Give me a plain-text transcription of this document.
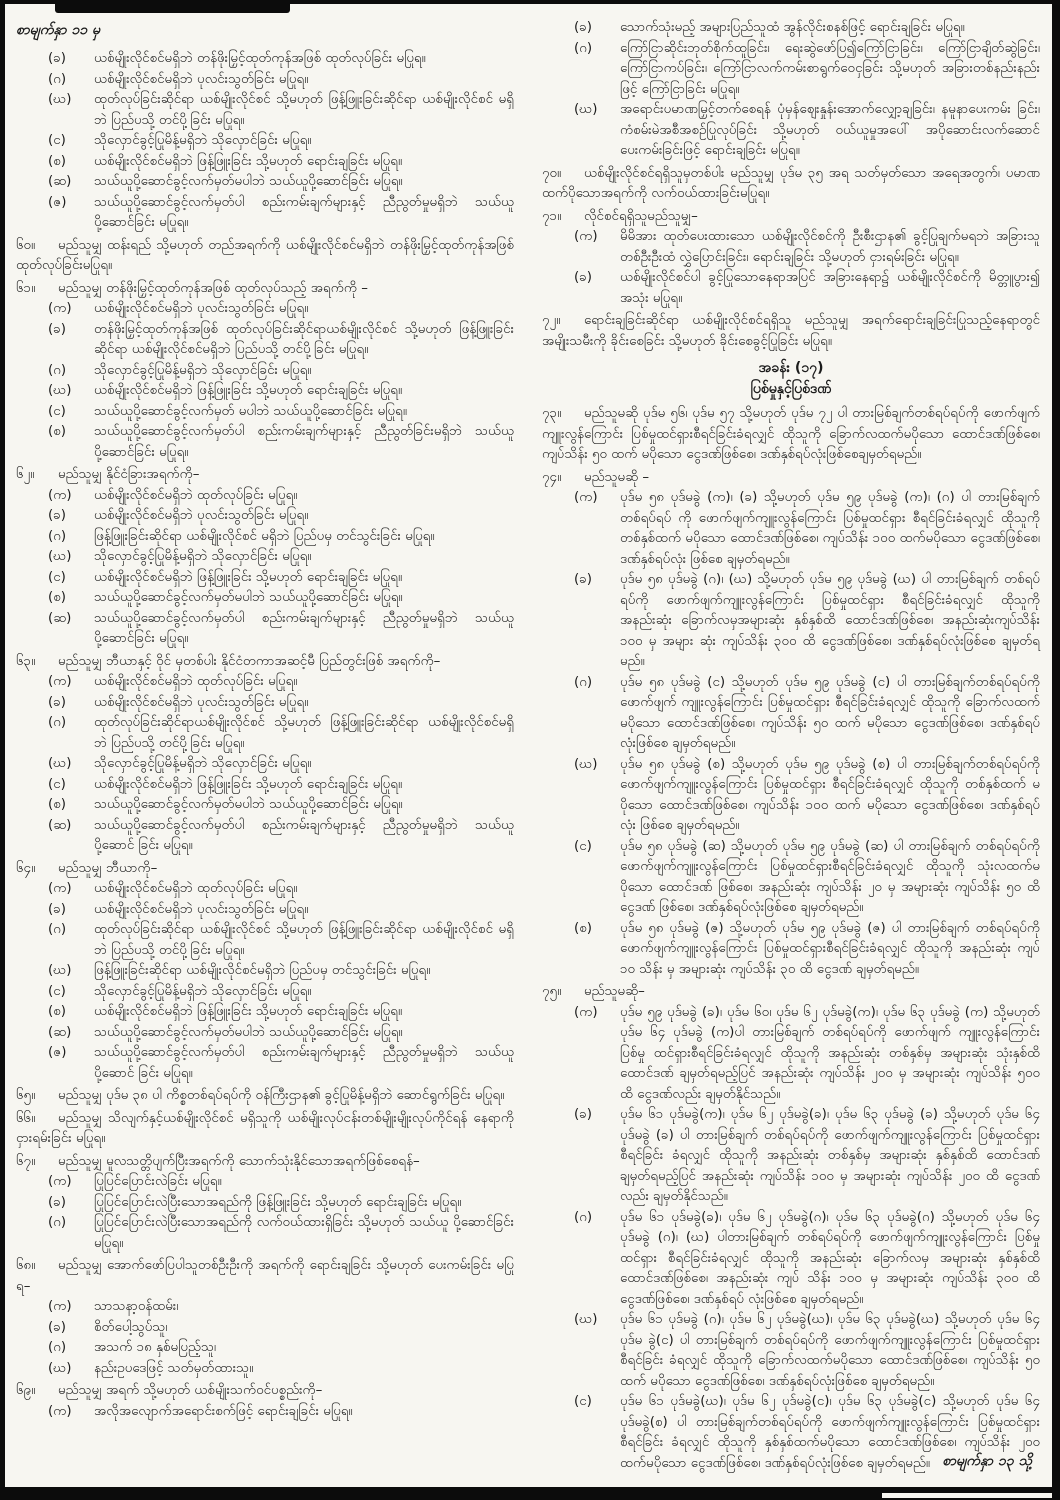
စာမျက်နှာ ၁၁ မှ
(ခ)	ယစ်မျိုးလိုင်စင်မရှိဘဲ တန်ဖိုးမြှင့်ထုတ်ကုန်အဖြစ် ထုတ်လုပ်ခြင်း မပြုရ။
(ဂ)	ယစ်မျိုးလိုင်စင်မရှိဘဲ ပုလင်းသွတ်ခြင်း မပြုရ။
(ဃ)	ထုတ်လုပ်ခြင်းဆိုင်ရာ ယစ်မျိုးလိုင်စင် သို့မဟုတ် ဖြန့်ဖြူးခြင်းဆိုင်ရာ ယစ်မျိုးလိုင်စင် မရှိဘဲ ပြည်ပသို့ တင်ပို့ခြင်း မပြုရ။
(င)	သိုလှောင်ခွင့်ပြုမိန့်မရှိဘဲ သိုလှောင်ခြင်း မပြုရ။
(စ)	ယစ်မျိုးလိုင်စင်မရှိဘဲ ဖြန့်ဖြူးခြင်း သို့မဟုတ် ရောင်းချခြင်း မပြုရ။
(ဆ)	သယ်ယူပို့ဆောင်ခွင့်လက်မှတ်မပါဘဲ သယ်ယူပို့ဆောင်ခြင်း မပြုရ။
(ဇ)	သယ်ယူပို့ဆောင်ခွင့်လက်မှတ်ပါ စည်းကမ်းချက်များနှင့် ညီညွတ်မှုမရှိဘဲ သယ်ယူပို့ဆောင်ခြင်း မပြုရ။

၆ဝ။ မည်သူမျှ ထန်းရည် သို့မဟုတ် တည်အရက်ကို ယစ်မျိုးလိုင်စင်မရှိဘဲ တန်ဖိုးမြှင့်ထုတ်ကုန်အဖြစ် ထုတ်လုပ်ခြင်းမပြုရ။

၆၁။ မည်သူမျှ တန်ဖိုးမြှင့်ထုတ်ကုန်အဖြစ် ထုတ်လုပ်သည့် အရက်ကို –

(က)	ယစ်မျိုးလိုင်စင်မရှိဘဲ ပုလင်းသွတ်ခြင်း မပြုရ။
(ခ)	တန်ဖိုးမြှင့်ထုတ်ကုန်အဖြစ် ထုတ်လုပ်ခြင်းဆိုင်ရာယစ်မျိုးလိုင်စင် သို့မဟုတ် ဖြန့်ဖြူးခြင်း ဆိုင်ရာ ယစ်မျိုးလိုင်စင်မရှိဘဲ ပြည်ပသို့ တင်ပို့ခြင်း မပြုရ။
(ဂ)	သိုလှောင်ခွင့်ပြုမိန့်မရှိဘဲ သိုလှောင်ခြင်း မပြုရ။
(ဃ)	ယစ်မျိုးလိုင်စင်မရှိဘဲ ဖြန့်ဖြူးခြင်း သို့မဟုတ် ရောင်းချခြင်း မပြုရ။
(င)	သယ်ယူပို့ဆောင်ခွင့်လက်မှတ် မပါဘဲ သယ်ယူပို့ဆောင်ခြင်း မပြုရ။
(စ)	သယ်ယူပို့ဆောင်ခွင့်လက်မှတ်ပါ စည်းကမ်းချက်များနှင့် ညီညွတ်ခြင်းမရှိဘဲ သယ်ယူ ပို့ဆောင်ခြင်း မပြုရ။

၆၂။ မည်သူမျှ နိုင်ငံခြားအရက်ကို–

(က)	ယစ်မျိုးလိုင်စင်မရှိဘဲ ထုတ်လုပ်ခြင်း မပြုရ။
(ခ)	ယစ်မျိုးလိုင်စင်မရှိဘဲ ပုလင်းသွတ်ခြင်း မပြုရ။
(ဂ)	ဖြန့်ဖြူးခြင်းဆိုင်ရာ ယစ်မျိုးလိုင်စင် မရှိဘဲ ပြည်ပမှ တင်သွင်းခြင်း မပြုရ။
(ဃ)	သိုလှောင်ခွင့်ပြုမိန့်မရှိဘဲ သိုလှောင်ခြင်း မပြုရ။
(င)	ယစ်မျိုးလိုင်စင်မရှိဘဲ ဖြန့်ဖြူးခြင်း သို့မဟုတ် ရောင်းချခြင်း မပြုရ။
(စ)	သယ်ယူပို့ဆောင်ခွင့်လက်မှတ်မပါဘဲ သယ်ယူပို့ဆောင်ခြင်း မပြုရ။
(ဆ)	သယ်ယူပို့ဆောင်ခွင့်လက်မှတ်ပါ စည်းကမ်းချက်များနှင့် ညီညွတ်မှုမရှိဘဲ သယ်ယူ ပို့ဆောင်ခြင်း မပြုရ။

၆၃။ မည်သူမျှ ဘီယာနှင့် ဝိုင် မှတစ်ပါး နိုင်ငံတကာအဆင့်မီ ပြည်တွင်းဖြစ် အရက်ကို–

(က)	ယစ်မျိုးလိုင်စင်မရှိဘဲ ထုတ်လုပ်ခြင်း မပြုရ။
(ခ)	ယစ်မျိုးလိုင်စင်မရှိဘဲ ပုလင်းသွတ်ခြင်း မပြုရ။
(ဂ)	ထုတ်လုပ်ခြင်းဆိုင်ရာယစ်မျိုးလိုင်စင် သို့မဟုတ် ဖြန့်ဖြူးခြင်းဆိုင်ရာ ယစ်မျိုးလိုင်စင်မရှိ ဘဲ ပြည်ပသို့ တင်ပို့ခြင်း မပြုရ။
(ဃ)	သိုလှောင်ခွင့်ပြုမိန့်မရှိဘဲ သိုလှောင်ခြင်း မပြုရ။
(င)	ယစ်မျိုးလိုင်စင်မရှိဘဲ ဖြန့်ဖြူးခြင်း သို့မဟုတ် ရောင်းချခြင်း မပြုရ။
(စ)	သယ်ယူပို့ဆောင်ခွင့်လက်မှတ်မပါဘဲ သယ်ယူပို့ဆောင်ခြင်း မပြုရ။
(ဆ)	သယ်ယူပို့ဆောင်ခွင့်လက်မှတ်ပါ စည်းကမ်းချက်များနှင့် ညီညွတ်မှုမရှိဘဲ သယ်ယူပို့ဆောင် ခြင်း မပြုရ။

၆၄။ မည်သူမျှ ဘီယာကို–

(က)	ယစ်မျိုးလိုင်စင်မရှိဘဲ ထုတ်လုပ်ခြင်း မပြုရ။
(ခ)	ယစ်မျိုးလိုင်စင်မရှိဘဲ ပုလင်းသွတ်ခြင်း မပြုရ။
(ဂ)	ထုတ်လုပ်ခြင်းဆိုင်ရာ ယစ်မျိုးလိုင်စင် သို့မဟုတ် ဖြန့်ဖြူးခြင်းဆိုင်ရာ ယစ်မျိုးလိုင်စင် မရှိဘဲ ပြည်ပသို့ တင်ပို့ခြင်း မပြုရ။
(ဃ)	ဖြန့်ဖြူးခြင်းဆိုင်ရာ ယစ်မျိုးလိုင်စင်မရှိဘဲ ပြည်ပမှ တင်သွင်းခြင်း မပြုရ။
(င)	သိုလှောင်ခွင့်ပြုမိန့်မရှိဘဲ သိုလှောင်ခြင်း မပြုရ။
(စ)	ယစ်မျိုးလိုင်စင်မရှိဘဲ ဖြန့်ဖြူးခြင်း သို့မဟုတ် ရောင်းချခြင်း မပြုရ။
(ဆ)	သယ်ယူပို့ဆောင်ခွင့်လက်မှတ်မပါဘဲ သယ်ယူပို့ဆောင်ခြင်း မပြုရ။
(ဇ)	သယ်ယူပို့ဆောင်ခွင့်လက်မှတ်ပါ စည်းကမ်းချက်များနှင့် ညီညွတ်မှုမရှိဘဲ သယ်ယူပို့ဆောင် ခြင်း မပြုရ။

၆၅။ မည်သူမျှ ပုဒ်မ ၃၈ ပါ ကိစ္စတစ်ရပ်ရပ်ကို ဝန်ကြီးဌာန၏ ခွင့်ပြုမိန့်မရှိဘဲ ဆောင်ရွက်ခြင်း မပြုရ။

၆၆။ မည်သူမျှ သိလျက်နှင့်ယစ်မျိုးလိုင်စင် မရှိသူကို ယစ်မျိုးလုပ်ငန်းတစ်မျိုးမျိုးလုပ်ကိုင်ရန် နေရာကို ငှားရမ်းခြင်း မပြုရ။

၆၇။ မည်သူမျှ မူလသတ္တိပျက်ပြီးအရက်ကို သောက်သုံးနိုင်သောအရက်ဖြစ်စေရန်–

(က)	ပြုပြင်ပြောင်းလဲခြင်း မပြုရ။
(ခ)	ပြုပြင်ပြောင်းလဲပြီးသောအရည်ကို ဖြန့်ဖြူးခြင်း သို့မဟုတ် ရောင်းချခြင်း မပြုရ။
(ဂ)	ပြုပြင်ပြောင်းလဲပြီးသောအရည်ကို လက်ဝယ်ထားရှိခြင်း သို့မဟုတ် သယ်ယူ ပို့ဆောင်ခြင်း မပြုရ။

၆၈။ မည်သူမျှ အောက်ဖော်ပြပါသူတစ်ဦးဦးကို အရက်ကို ရောင်းချခြင်း သို့မဟုတ် ပေးကမ်းခြင်း မပြုရ–

(က)	သာသနာ့ဝန်ထမ်း၊
(ခ)	စိတ်ပေါ့သွပ်သူ၊
(ဂ)	အသက် ၁၈ နှစ်မပြည့်သူ၊
(ဃ)	နည်းဥပဒေဖြင့် သတ်မှတ်ထားသူ။

၆၉။ မည်သူမျှ အရက် သို့မဟုတ် ယစ်မျိုးသက်ဝင်ပစ္စည်းကို–

(က)	အလိုအလျောက်အရောင်းစက်ဖြင့် ရောင်းချခြင်း မပြုရ။
(ခ)	သောက်သုံးမည့် အများပြည်သူထံ အွန်လိုင်းစနစ်ဖြင့် ရောင်းချခြင်း မပြုရ။
(ဂ)	ကြော်ငြာဆိုင်းဘုတ်စိုက်ထူခြင်း၊ ရေးဆွဲဖော်ပြ၍ကြော်ငြာခြင်း၊ ကြော်ငြာချိတ်ဆွဲခြင်း၊ ကြော်ငြာကပ်ခြင်း၊ ကြော်ငြာလက်ကမ်းစာရွက်ဝေငှခြင်း သို့မဟုတ် အခြားတစ်နည်းနည်း ဖြင့် ကြော်ငြာခြင်း မပြုရ။
(ဃ)	အရောင်းပမာဏမြှင့်တက်စေရန် ပုံမှန်ဈေးနှုန်းအောက်လျှော့ချခြင်း၊ နမူနာပေးကမ်း ခြင်း၊ ကံစမ်းမဲအစီအစဉ်ပြုလုပ်ခြင်း သို့မဟုတ် ဝယ်ယူမှုအပေါ် အပိုဆောင်းလက်ဆောင် ပေးကမ်းခြင်းဖြင့် ရောင်းချခြင်း မပြုရ။

၇ဝ။ ယစ်မျိုးလိုင်စင်ရရှိသူမှတစ်ပါး မည်သူမျှ ပုဒ်မ ၃၅ အရ သတ်မှတ်သော အရေအတွက်၊ ပမာဏ ထက်ပိုသောအရက်ကို လက်ဝယ်ထားခြင်းမပြုရ။

၇၁။ လိုင်စင်ရရှိသူမည်သူမျှ–

(က)	မိမိအား ထုတ်ပေးထားသော ယစ်မျိုးလိုင်စင်ကို ဦးစီးဌာန၏ ခွင့်ပြုချက်မရဘဲ အခြားသူ တစ်ဦးဦးထံ လွှဲပြောင်းခြင်း၊ ရောင်းချခြင်း သို့မဟုတ် ငှားရမ်းခြင်း မပြုရ။
(ခ)	ယစ်မျိုးလိုင်စင်ပါ ခွင့်ပြုသောနေရာအပြင် အခြားနေရာ၌ ယစ်မျိုးလိုင်စင်ကို မိတ္တူပွား၍ အသုံး မပြုရ။

၇၂။ ရောင်းချခြင်းဆိုင်ရာ ယစ်မျိုးလိုင်စင်ရရှိသူ မည်သူမျှ အရက်ရောင်းချခြင်းပြုသည့်နေရာတွင် အမျိုးသမီးကို ခိုင်းစေခြင်း သို့မဟုတ် ခိုင်းစေခွင့်ပြုခြင်း မပြုရ။

အခန်း (၁၇)
ပြစ်မှုနှင့်ပြစ်ဒဏ်

၇၃။ မည်သူမဆို ပုဒ်မ ၅၆၊ ပုဒ်မ ၅၇ သို့မဟုတ် ပုဒ်မ ၇၂ ပါ တားမြစ်ချက်တစ်ရပ်ရပ်ကို ဖောက်ဖျက် ကျူးလွန်ကြောင်း ပြစ်မှုထင်ရှားစီရင်ခြင်းခံရလျှင် ထိုသူကို ခြောက်လထက်မပိုသော ထောင်ဒဏ်ဖြစ်စေ၊ ကျပ်သိန်း ၅ဝ ထက် မပိုသော ငွေဒဏ်ဖြစ်စေ၊ ဒဏ်နှစ်ရပ်လုံးဖြစ်စေချမှတ်ရမည်။

၇၄။ မည်သူမဆို –

(က)	ပုဒ်မ ၅၈ ပုဒ်မခွဲ (က)၊ (ခ) သို့မဟုတ် ပုဒ်မ ၅၉ ပုဒ်မခွဲ (က)၊ (ဂ) ပါ တားမြစ်ချက် တစ်ရပ်ရပ် ကို ဖောက်ဖျက်ကျူးလွန်ကြောင်း ပြစ်မှုထင်ရှား စီရင်ခြင်းခံရလျှင် ထိုသူကို တစ်နှစ်ထက် မပိုသော ထောင်ဒဏ်ဖြစ်စေ၊ ကျပ်သိန်း ၁ဝဝ ထက်မပိုသော ငွေဒဏ်ဖြစ်စေ၊ ဒဏ်နှစ်ရပ်လုံး ဖြစ်စေ ချမှတ်ရမည်။
(ခ)	ပုဒ်မ ၅၈ ပုဒ်မခွဲ (ဂ)၊ (ဃ) သို့မဟုတ် ပုဒ်မ ၅၉ ပုဒ်မခွဲ (ဃ) ပါ တားမြစ်ချက် တစ်ရပ်ရပ်ကို ဖောက်ဖျက်ကျူးလွန်ကြောင်း ပြစ်မှုထင်ရှား စီရင်ခြင်းခံရလျှင် ထိုသူကို အနည်းဆုံး ခြောက်လမှအများဆုံး နှစ်နှစ်ထိ ထောင်ဒဏ်ဖြစ်စေ၊ အနည်းဆုံးကျပ်သိန်း ၁ဝဝ မှ အများ ဆုံး ကျပ်သိန်း ၃ဝဝ ထိ ငွေဒဏ်ဖြစ်စေ၊ ဒဏ်နှစ်ရပ်လုံးဖြစ်စေ ချမှတ်ရမည်။
(ဂ)	ပုဒ်မ ၅၈ ပုဒ်မခွဲ (င) သို့မဟုတ် ပုဒ်မ ၅၉ ပုဒ်မခွဲ (င) ပါ တားမြစ်ချက်တစ်ရပ်ရပ်ကို ဖောက်ဖျက် ကျူးလွန်ကြောင်း ပြစ်မှုထင်ရှား စီရင်ခြင်းခံရလျှင် ထိုသူကို ခြောက်လထက် မပိုသော ထောင်ဒဏ်ဖြစ်စေ၊ ကျပ်သိန်း ၅ဝ ထက် မပိုသော ငွေဒဏ်ဖြစ်စေ၊ ဒဏ်နှစ်ရပ် လုံးဖြစ်စေ ချမှတ်ရမည်။
(ဃ)	ပုဒ်မ ၅၈ ပုဒ်မခွဲ (စ) သို့မဟုတ် ပုဒ်မ ၅၉ ပုဒ်မခွဲ (စ) ပါ တားမြစ်ချက်တစ်ရပ်ရပ်ကို ဖောက်ဖျက်ကျူးလွန်ကြောင်း ပြစ်မှုထင်ရှား စီရင်ခြင်းခံရလျှင် ထိုသူကို တစ်နှစ်ထက် မပိုသော ထောင်ဒဏ်ဖြစ်စေ၊ ကျပ်သိန်း ၁ဝဝ ထက် မပိုသော ငွေဒဏ်ဖြစ်စေ၊ ဒဏ်နှစ်ရပ်လုံး ဖြစ်စေ ချမှတ်ရမည်။
(င)	ပုဒ်မ ၅၈ ပုဒ်မခွဲ (ဆ) သို့မဟုတ် ပုဒ်မ ၅၉ ပုဒ်မခွဲ (ဆ) ပါ တားမြစ်ချက် တစ်ရပ်ရပ်ကို ဖောက်ဖျက်ကျူးလွန်ကြောင်း ပြစ်မှုထင်ရှားစီရင်ခြင်းခံရလျှင် ထိုသူကို သုံးလထက်မပိုသော ထောင်ဒဏ် ဖြစ်စေ၊ အနည်းဆုံး ကျပ်သိန်း ၂ဝ မှ အများဆုံး ကျပ်သိန်း ၅ဝ ထိ ငွေဒဏ် ဖြစ်စေ၊ ဒဏ်နှစ်ရပ်လုံးဖြစ်စေ ချမှတ်ရမည်။
(စ)	ပုဒ်မ ၅၈ ပုဒ်မခွဲ (ဇ) သို့မဟုတ် ပုဒ်မ ၅၉ ပုဒ်မခွဲ (ဇ) ပါ တားမြစ်ချက် တစ်ရပ်ရပ်ကို ဖောက်ဖျက်ကျူးလွန်ကြောင်း ပြစ်မှုထင်ရှားစီရင်ခြင်းခံရလျှင် ထိုသူကို အနည်းဆုံး ကျပ် ၁ဝ သိန်း မှ အများဆုံး ကျပ်သိန်း ၃ဝ ထိ ငွေဒဏ် ချမှတ်ရမည်။

၇၅။ မည်သူမဆို–

(က)	ပုဒ်မ ၅၉ ပုဒ်မခွဲ (ခ)၊ ပုဒ်မ ၆ဝ၊ ပုဒ်မ ၆၂ ပုဒ်မခွဲ(က)၊ ပုဒ်မ ၆၃ ပုဒ်မခွဲ (က) သို့မဟုတ် ပုဒ်မ ၆၄ ပုဒ်မခွဲ (က)ပါ တားမြစ်ချက် တစ်ရပ်ရပ်ကို ဖောက်ဖျက် ကျူးလွန်ကြောင်း ပြစ်မှု ထင်ရှားစီရင်ခြင်းခံရလျှင် ထိုသူကို အနည်းဆုံး တစ်နှစ်မှ အများဆုံး သုံးနှစ်ထိ ထောင်ဒဏ် ချမှတ်ရမည့်ပြင် အနည်းဆုံး ကျပ်သိန်း ၂ဝဝ မှ အများဆုံး ကျပ်သိန်း ၅ဝဝ ထိ ငွေဒဏ်လည်း ချမှတ်နိုင်သည်။
(ခ)	ပုဒ်မ ၆၁ ပုဒ်မခွဲ(က)၊ ပုဒ်မ ၆၂ ပုဒ်မခွဲ(ခ)၊ ပုဒ်မ ၆၃ ပုဒ်မခွဲ (ခ) သို့မဟုတ် ပုဒ်မ ၆၄ ပုဒ်မခွဲ (ခ) ပါ တားမြစ်ချက် တစ်ရပ်ရပ်ကို ဖောက်ဖျက်ကျူးလွန်ကြောင်း ပြစ်မှုထင်ရှား စီရင်ခြင်း ခံရလျှင် ထိုသူကို အနည်းဆုံး တစ်နှစ်မှ အများဆုံး နှစ်နှစ်ထိ ထောင်ဒဏ် ချမှတ်ရမည့်ပြင် အနည်းဆုံး ကျပ်သိန်း ၁ဝဝ မှ အများဆုံး ကျပ်သိန်း ၂ဝဝ ထိ ငွေဒဏ်လည်း ချမှတ်နိုင်သည်။
(ဂ)	ပုဒ်မ ၆၁ ပုဒ်မခွဲ(ခ)၊ ပုဒ်မ ၆၂ ပုဒ်မခွဲ(ဂ)၊ ပုဒ်မ ၆၃ ပုဒ်မခွဲ(ဂ) သို့မဟုတ် ပုဒ်မ ၆၄ ပုဒ်မခွဲ (ဂ)၊ (ဃ) ပါတားမြစ်ချက် တစ်ရပ်ရပ်ကို ဖောက်ဖျက်ကျူးလွန်ကြောင်း ပြစ်မှုထင်ရှား စီရင်ခြင်းခံရလျှင် ထိုသူကို အနည်းဆုံး ခြောက်လမှ အများဆုံး နှစ်နှစ်ထိ ထောင်ဒဏ်ဖြစ်စေ၊ အနည်းဆုံး ကျပ် သိန်း ၁ဝဝ မှ အများဆုံး ကျပ်သိန်း ၃ဝဝ ထိ ငွေဒဏ်ဖြစ်စေ၊ ဒဏ်နှစ်ရပ် လုံးဖြစ်စေ ချမှတ်ရမည်။
(ဃ)	ပုဒ်မ ၆၁ ပုဒ်မခွဲ (ဂ)၊ ပုဒ်မ ၆၂ ပုဒ်မခွဲ(ဃ)၊ ပုဒ်မ ၆၃ ပုဒ်မခွဲ(ဃ) သို့မဟုတ် ပုဒ်မ ၆၄ ပုဒ်မ ခွဲ(င) ပါ တားမြစ်ချက် တစ်ရပ်ရပ်ကို ဖောက်ဖျက်ကျူးလွန်ကြောင်း ပြစ်မှုထင်ရှား စီရင်ခြင်း ခံရလျှင် ထိုသူကို ခြောက်လထက်မပိုသော ထောင်ဒဏ်ဖြစ်စေ၊ ကျပ်သိန်း ၅ဝ ထက် မပိုသော ငွေဒဏ်ဖြစ်စေ၊ ဒဏ်နှစ်ရပ်လုံးဖြစ်စေ ချမှတ်ရမည်။
(င)	ပုဒ်မ ၆၁ ပုဒ်မခွဲ(ဃ)၊ ပုဒ်မ ၆၂ ပုဒ်မခွဲ(င)၊ ပုဒ်မ ၆၃ ပုဒ်မခွဲ(င) သို့မဟုတ် ပုဒ်မ ၆၄ ပုဒ်မခွဲ(စ) ပါ တားမြစ်ချက်တစ်ရပ်ရပ်ကို ဖောက်ဖျက်ကျူးလွန်ကြောင်း ပြစ်မှုထင်ရှားစီရင်ခြင်း ခံရလျှင် ထိုသူကို နှစ်နှစ်ထက်မပိုသော ထောင်ဒဏ်ဖြစ်စေ၊ ကျပ်သိန်း ၂ဝဝ ထက်မပိုသော ငွေဒဏ်ဖြစ်စေ၊ ဒဏ်နှစ်ရပ်လုံးဖြစ်စေ ချမှတ်ရမည်။ စာမျက်နှာ ၁၃ သို့
